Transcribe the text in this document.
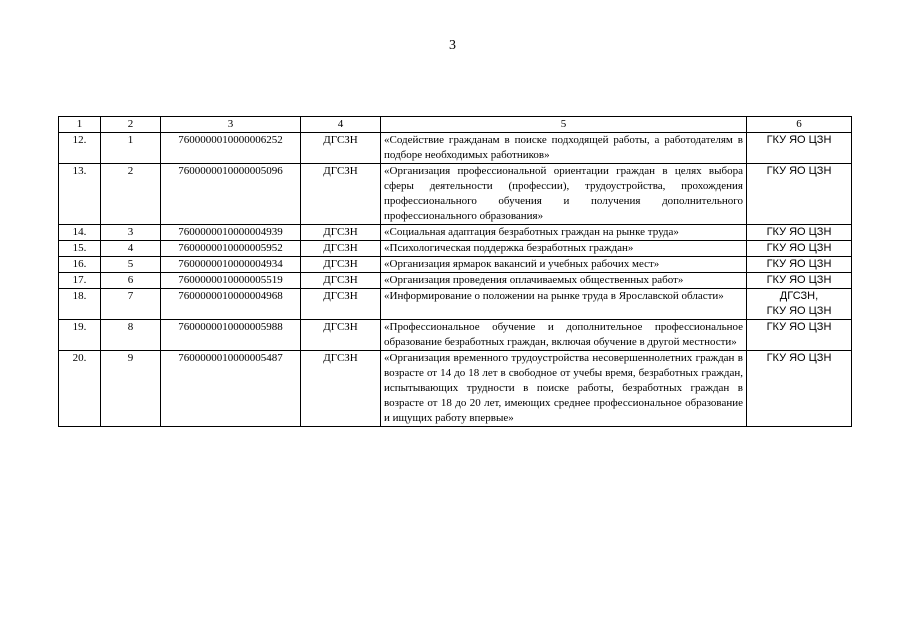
3
1	2	3	4	5	6
12.	1	7600000010000006252	ДГСЗН	«Содействие гражданам в поиске подходящей работы, а работодателям в подборе необходимых работников»	ГКУ ЯО ЦЗН
13.	2	7600000010000005096	ДГСЗН	«Организация профессиональной ориентации граждан в целях выбора сферы деятельности (профессии), трудоустройства, прохождения профессионального обучения и получения дополнительного профессионального образования»	ГКУ ЯО ЦЗН
14.	3	7600000010000004939	ДГСЗН	«Социальная адаптация безработных граждан на рынке труда»	ГКУ ЯО ЦЗН
15.	4	7600000010000005952	ДГСЗН	«Психологическая поддержка безработных граждан»	ГКУ ЯО ЦЗН
16.	5	7600000010000004934	ДГСЗН	«Организация ярмарок вакансий и учебных рабочих мест»	ГКУ ЯО ЦЗН
17.	6	7600000010000005519	ДГСЗН	«Организация проведения оплачиваемых общественных работ»	ГКУ ЯО ЦЗН
18.	7	7600000010000004968	ДГСЗН	«Информирование о положении на рынке труда в Ярославской области»	ДГСЗН,
ГКУ ЯО ЦЗН
19.	8	7600000010000005988	ДГСЗН	«Профессиональное обучение и дополнительное профессиональное образование безработных граждан, включая обучение в другой местности»	ГКУ ЯО ЦЗН
20.	9	7600000010000005487	ДГСЗН	«Организация временного трудоустройства несовершеннолетних граждан в возрасте от 14 до 18 лет в свободное от учебы время, безработных граждан, испытывающих трудности в поиске работы, безработных граждан в возрасте от 18 до 20 лет, имеющих среднее профессиональное образование и ищущих работу впервые»	ГКУ ЯО ЦЗН
